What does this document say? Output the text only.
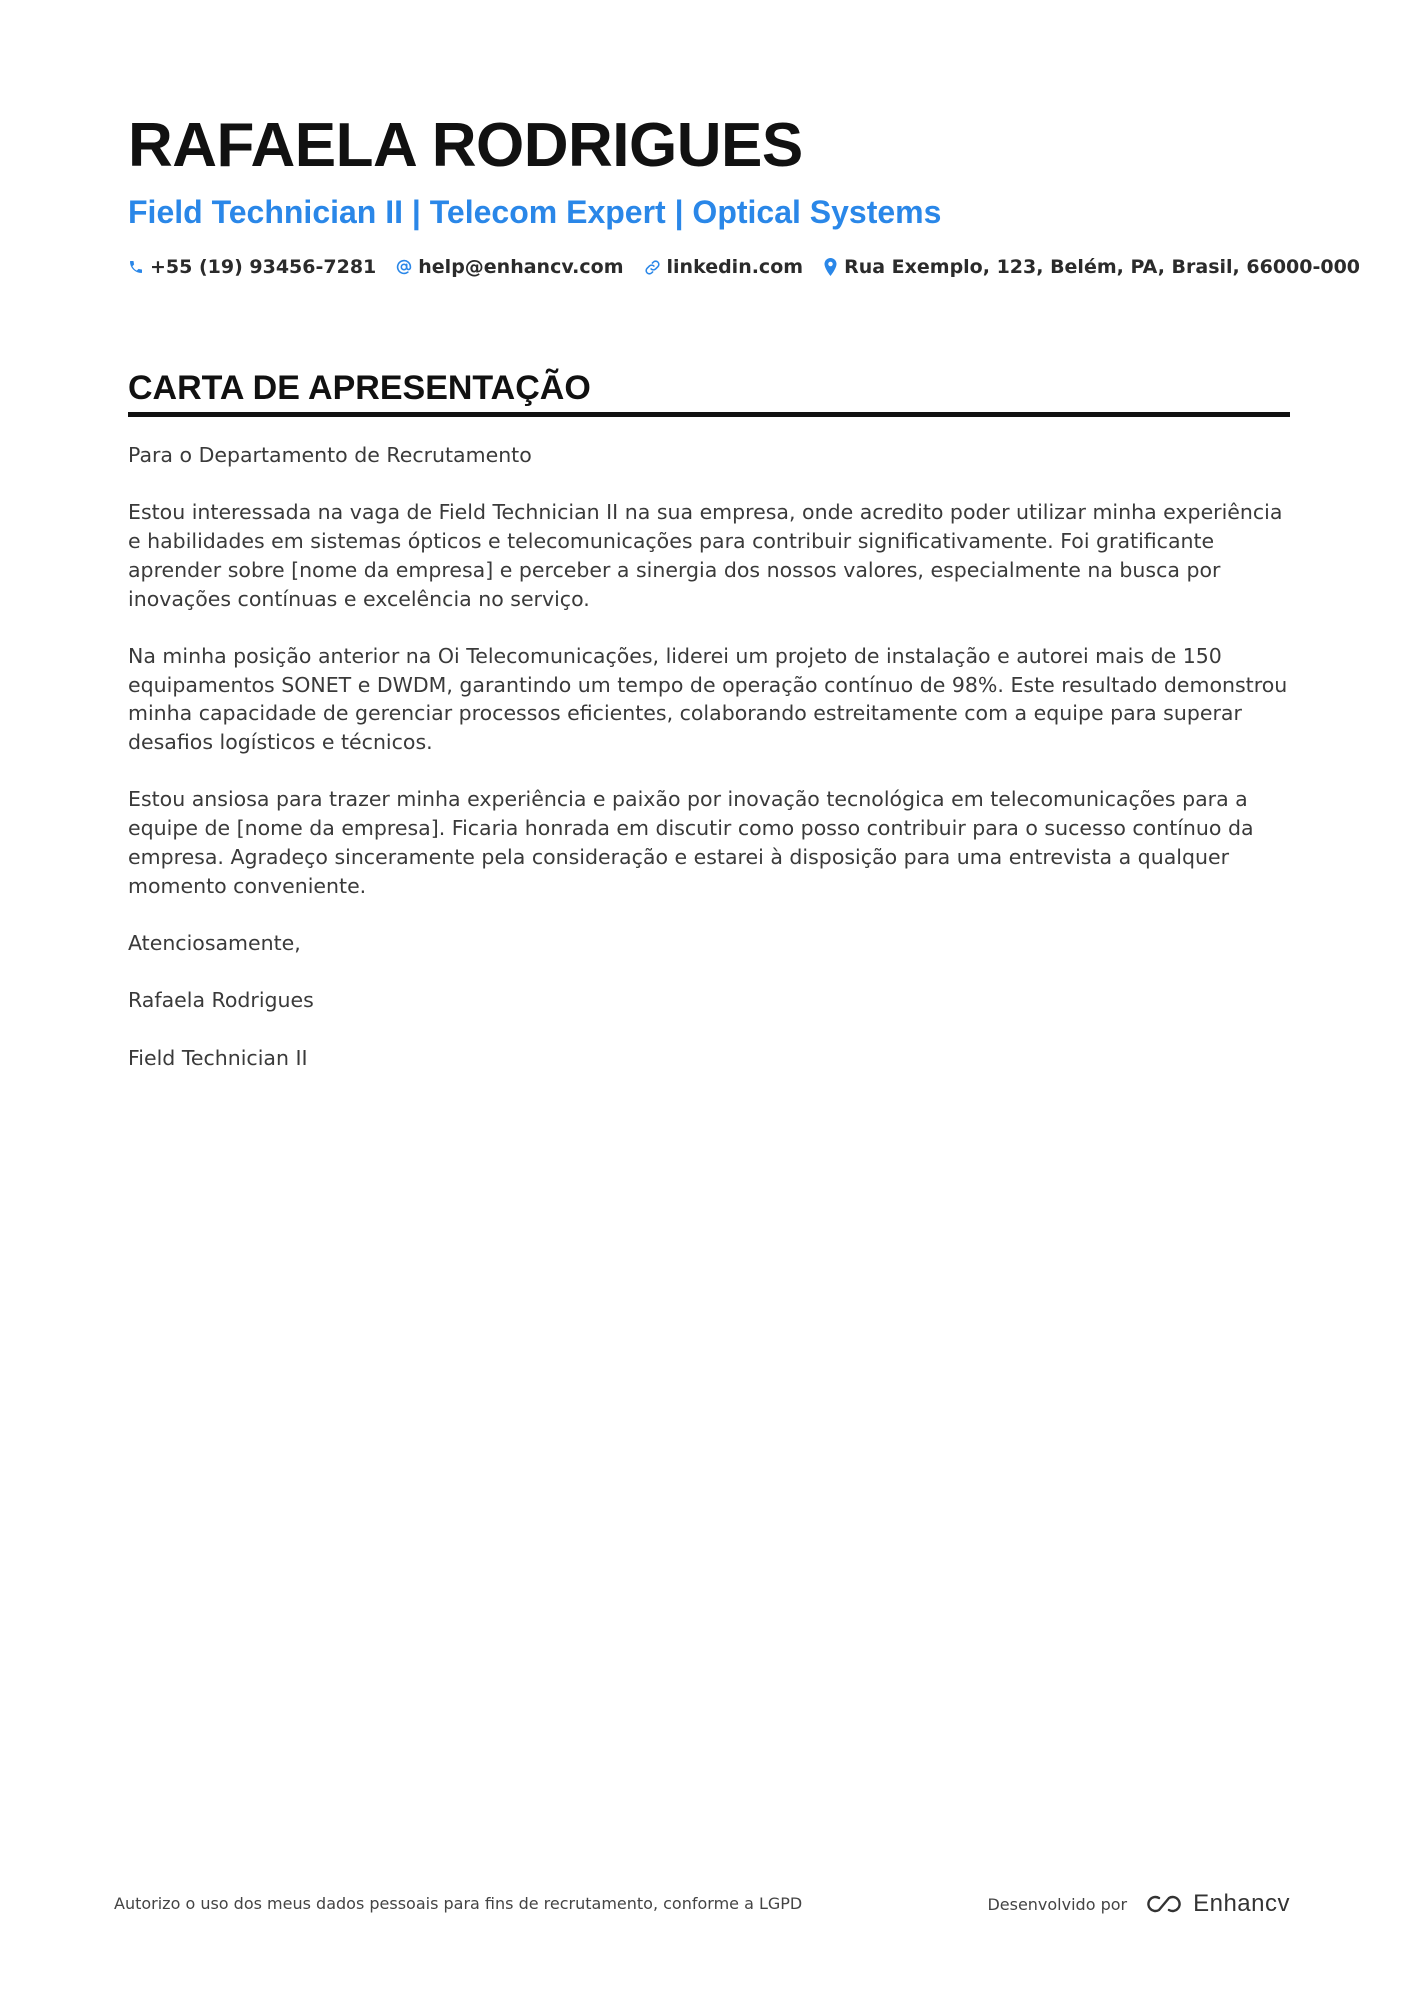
RAFAELA RODRIGUES
Field Technician II | Telecom Expert | Optical Systems
+55 (19) 93456-7281 help@enhancv.com linkedin.com Rua Exemplo, 123, Belém, PA, Brasil, 66000-000
CARTA DE APRESENTAÇÃO

Para o Departamento de Recrutamento

Estou interessada na vaga de Field Technician II na sua empresa, onde acredito poder utilizar minha experiência e habilidades em sistemas ópticos e telecomunicações para contribuir significativamente. Foi gratificante aprender sobre [nome da empresa] e perceber a sinergia dos nossos valores, especialmente na busca por inovações contínuas e excelência no serviço.

Na minha posição anterior na Oi Telecomunicações, liderei um projeto de instalação e autorei mais de 150 equipamentos SONET e DWDM, garantindo um tempo de operação contínuo de 98%. Este resultado demonstrou minha capacidade de gerenciar processos eficientes, colaborando estreitamente com a equipe para superar desafios logísticos e técnicos.

Estou ansiosa para trazer minha experiência e paixão por inovação tecnológica em telecomunicações para a equipe de [nome da empresa]. Ficaria honrada em discutir como posso contribuir para o sucesso contínuo da empresa. Agradeço sinceramente pela consideração e estarei à disposição para uma entrevista a qualquer momento conveniente.

Atenciosamente,

Rafaela Rodrigues

Field Technician II

Autorizo o uso dos meus dados pessoais para fins de recrutamento, conforme a LGPD	Desenvolvido por	Enhancv
